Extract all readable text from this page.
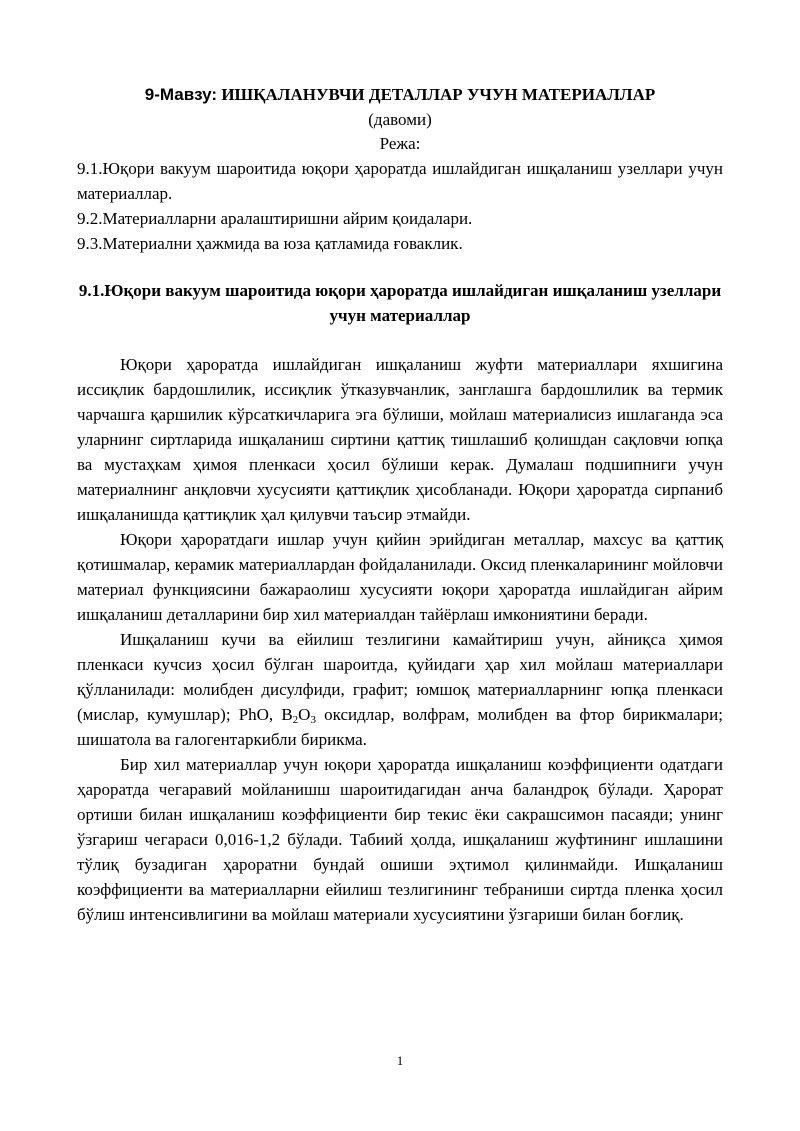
9-Мавзу: ИШҚАЛАНУВЧИ ДЕТАЛЛАР УЧУН МАТЕРИАЛЛАР
(давоми)
Режа:
9.1.Юқори вакуум шароитида юқори ҳароратда ишлайдиган ишқаланиш узеллари учун материаллар.
9.2.Материалларни аралаштиришни айрим қоидалари.
9.3.Материални ҳажмида ва юза қатламида ғоваклик.
9.1.Юқори вакуум шароитида юқори ҳароратда ишлайдиган ишқаланиш узеллари учун материаллар

Юқори ҳароратда ишлайдиган ишқаланиш жуфти материаллари яхшигина иссиқлик бардошлилик, иссиқлик ўтказувчанлик, занглашга бардошлилик ва термик чарчашга қаршилик кўрсаткичларига эга бўлиши, мойлаш материалисиз ишлаганда эса уларнинг сиртларида ишқаланиш сиртини қаттиқ тишлашиб қолишдан сақловчи юпқа ва мустаҳкам ҳимоя пленкаси ҳосил бўлиши керак. Думалаш подшипниги учун материалнинг анқловчи хусусияти қаттиқлик ҳисобланади. Юқори ҳароратда сирпаниб ишқаланишда қаттиқлик ҳал қилувчи таъсир этмайди.

Юқори ҳароратдаги ишлар учун қийин эрийдиган металлар, махсус ва қаттиқ қотишмалар, керамик материаллардан фойдаланилади. Оксид пленкаларининг мойловчи материал функциясини бажараолиш хусусияти юқори ҳароратда ишлайдиган айрим ишқаланиш деталларини бир хил материалдан тайёрлаш имкониятини беради.

Ишқаланиш кучи ва ейилиш тезлигини камайтириш учун, айниқса ҳимоя пленкаси кучсиз ҳосил бўлган шароитда, қуйидаги ҳар хил мойлаш материаллари қўлланилади: молибден дисулфиди, графит; юмшоқ материалларнинг юпқа пленкаси (мислар, кумушлар); PhO, $B_2O_3$ оксидлар, волфрам, молибден ва фтор бирикмалари; шишатола ва галогентаркибли бирикма.

Бир хил материаллар учун юқори ҳароратда ишқаланиш коэффициенти одатдаги ҳароратда чегаравий мойланишш шароитидагидан анча баландроқ бўлади. Ҳарорат ортиши билан ишқаланиш коэффициенти бир текис ёки сакрашсимон пасаяди; унинг ўзгариш чегараси 0,016-1,2 бўлади. Табиий ҳолда, ишқаланиш жуфтининг ишлашини тўлиқ бузадиган ҳароратни бундай ошиши эҳтимол қилинмайди. Ишқаланиш коэффициенти ва материалларни ейилиш тезлигининг тебраниши сиртда пленка ҳосил бўлиш интенсивлигини ва мойлаш материали хусусиятини ўзгариши билан боғлиқ.

1
